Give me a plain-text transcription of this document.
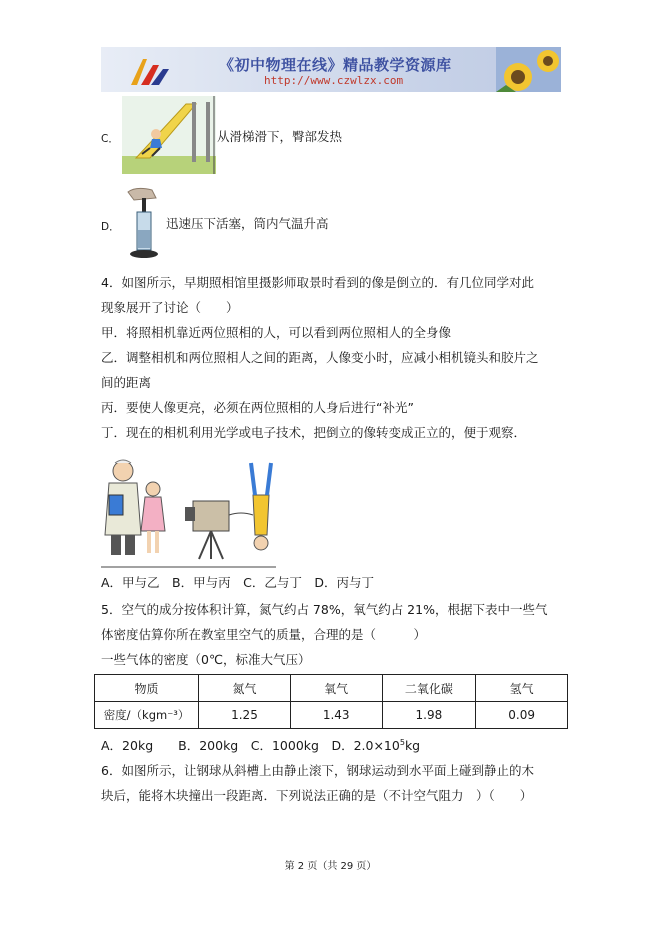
《初中物理在线》精品教学资源库
http://www.czwlzx.com
C．	从滑梯滑下，臀部发热
D．	迅速压下活塞，筒内气温升高
4．如图所示，早期照相馆里摄影师取景时看到的像是倒立的．有几位同学对此
现象展开了讨论（　　）
甲．将照相机靠近两位照相的人，可以看到两位照相人的全身像
乙．调整相机和两位照相人之间的距离，人像变小时，应减小相机镜头和胶片之
间的距离
丙．要使人像更亮，必须在两位照相的人身后进行“补光”
丁．现在的相机利用光学或电子技术，把倒立的像转变成正立的，便于观察．
A．甲与乙　B．甲与丙　C．乙与丁　D．丙与丁
5．空气的成分按体积计算，氮气约占 78%，氧气约占 21%，根据下表中一些气
体密度估算你所在教室里空气的质量，合理的是（　　　）
一些气体的密度（0℃，标准大气压）
物质	氮气	氧气	二氧化碳	氢气
密度/（kgm⁻³）	1.25	1.43	1.98	0.09
A．20kg　　B．200kg　C．1000kg　D．$2.0\times 10^5kg$
6．如图所示，让钢球从斜槽上由静止滚下，钢球运动到水平面上碰到静止的木
块后，能将木块撞出一段距离．下列说法正确的是（不计空气阻力　）（　　）
第 2 页（共 29 页）
